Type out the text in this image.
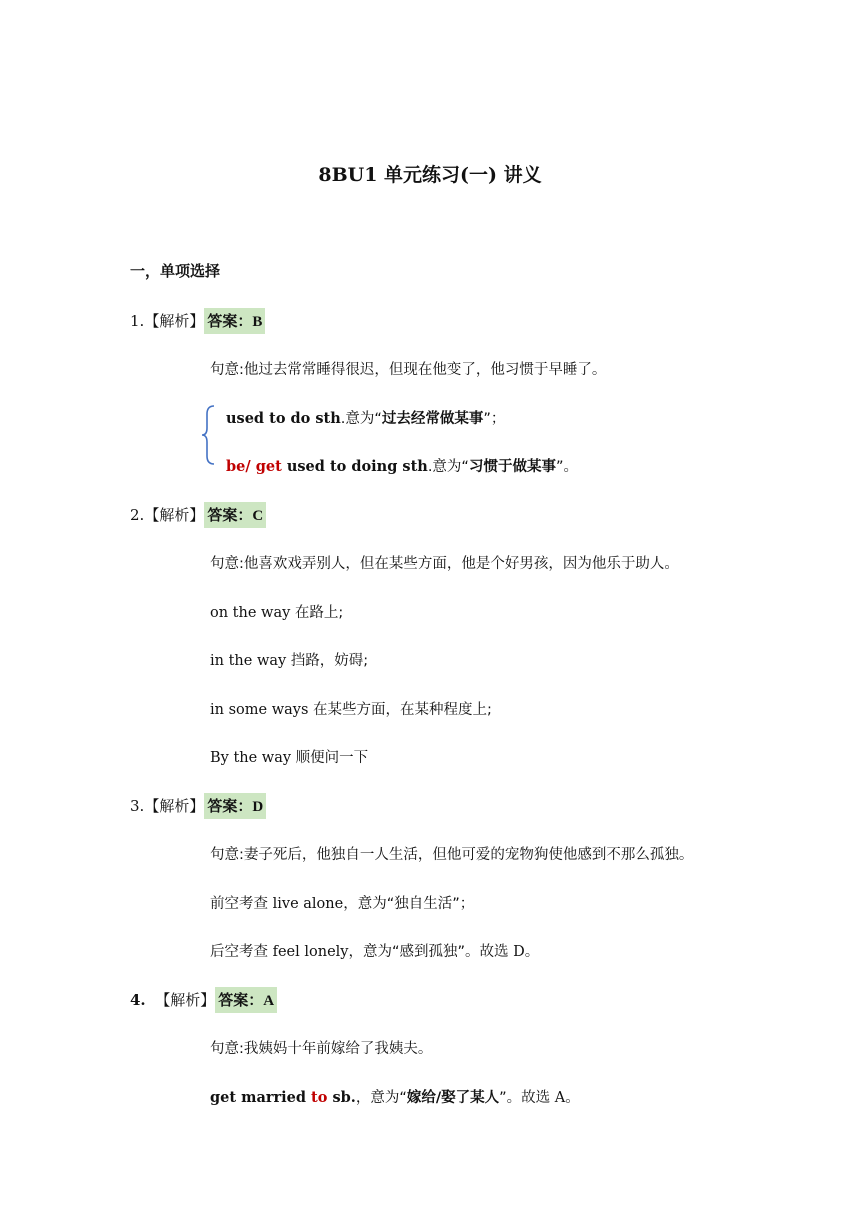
8BU1 单元练习(一) 讲义
一，单项选择
1.【解析】 答案：B
句意:他过去常常睡得很迟，但现在他变了，他习惯于早睡了。
used to do sth.意为“过去经常做某事”；
be/ get used to doing sth.意为“习惯于做某事”。
2.【解析】 答案：C
句意:他喜欢戏弄别人，但在某些方面，他是个好男孩，因为他乐于助人。
on the way 在路上;
in the way 挡路，妨碍;
in some ways 在某些方面，在某种程度上;
By the way 顺便问一下
3.【解析】 答案：D
句意:妻子死后，他独自一人生活，但他可爱的宠物狗使他感到不那么孤独。
前空考查 live alone，意为“独自生活”；
后空考查 feel lonely，意为“感到孤独”。故选 D。
4. 【解析】 答案：A
句意:我姨妈十年前嫁给了我姨夫。
get married to sb.，意为“嫁给/娶了某人”。故选 A。
